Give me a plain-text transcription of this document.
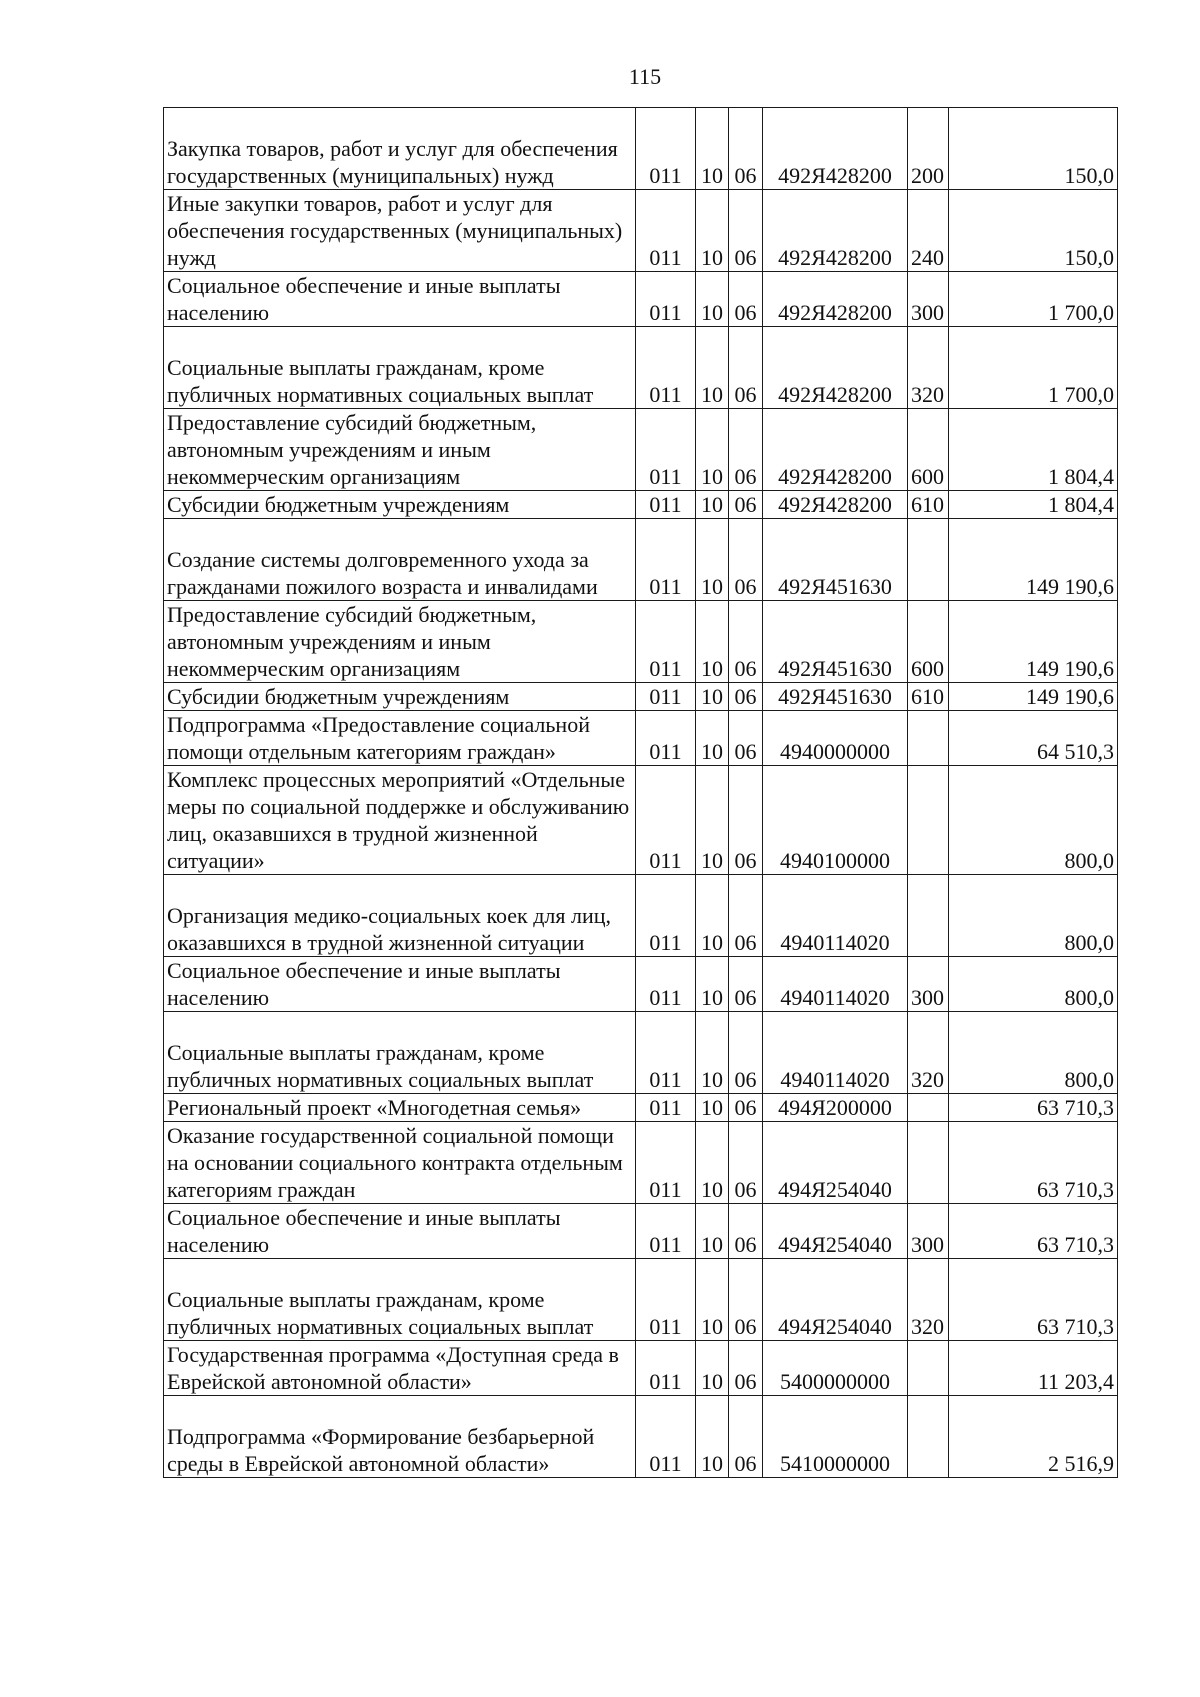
115
Закупка товаров, работ и услуг для обеспечения государственных (муниципальных) нужд	011	10	06	492Я428200	200	150,0
Иные закупки товаров, работ и услуг для обеспечения государственных (муниципальных) нужд	011	10	06	492Я428200	240	150,0
Социальное обеспечение и иные выплаты населению	011	10	06	492Я428200	300	1 700,0
Социальные выплаты гражданам, кроме публичных нормативных социальных выплат	011	10	06	492Я428200	320	1 700,0
Предоставление субсидий бюджетным, автономным учреждениям и иным некоммерческим организациям	011	10	06	492Я428200	600	1 804,4
Субсидии бюджетным учреждениям	011	10	06	492Я428200	610	1 804,4
Создание системы долговременного ухода за гражданами пожилого возраста и инвалидами	011	10	06	492Я451630		149 190,6
Предоставление субсидий бюджетным, автономным учреждениям и иным некоммерческим организациям	011	10	06	492Я451630	600	149 190,6
Субсидии бюджетным учреждениям	011	10	06	492Я451630	610	149 190,6
Подпрограмма «Предоставление социальной помощи отдельным категориям граждан»	011	10	06	4940000000		64 510,3
Комплекс процессных мероприятий «Отдельные меры по социальной поддержке и обслуживанию лиц, оказавшихся в трудной жизненной ситуации»	011	10	06	4940100000		800,0
Организация медико-социальных коек для лиц, оказавшихся в трудной жизненной ситуации	011	10	06	4940114020		800,0
Социальное обеспечение и иные выплаты населению	011	10	06	4940114020	300	800,0
Социальные выплаты гражданам, кроме публичных нормативных социальных выплат	011	10	06	4940114020	320	800,0
Региональный проект «Многодетная семья»	011	10	06	494Я200000		63 710,3
Оказание государственной социальной помощи на основании социального контракта отдельным категориям граждан	011	10	06	494Я254040		63 710,3
Социальное обеспечение и иные выплаты населению	011	10	06	494Я254040	300	63 710,3
Социальные выплаты гражданам, кроме публичных нормативных социальных выплат	011	10	06	494Я254040	320	63 710,3
Государственная программа «Доступная среда в Еврейской автономной области»	011	10	06	5400000000		11 203,4
Подпрограмма «Формирование безбарьерной среды в Еврейской автономной области»	011	10	06	5410000000		2 516,9
